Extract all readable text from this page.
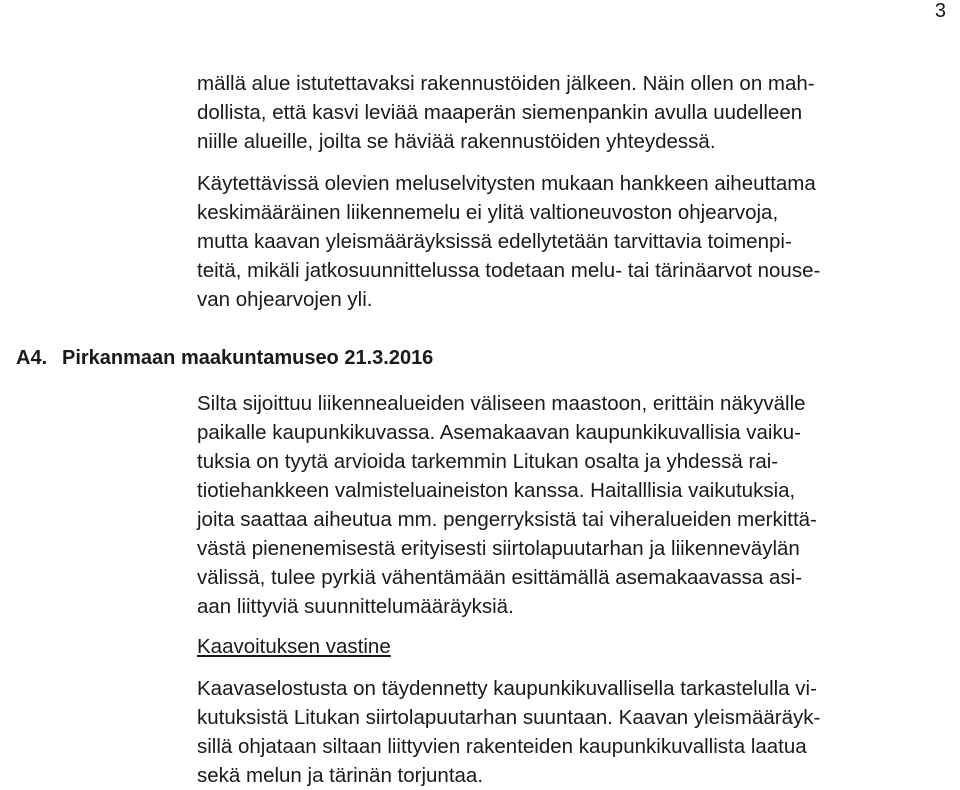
3

mällä alue istutettavaksi rakennustöiden jälkeen. Näin ollen on mah-
dollista, että kasvi leviää maaperän siemenpankin avulla uudelleen
niille alueille, joilta se häviää rakennustöiden yhteydessä.

Käytettävissä olevien meluselvitysten mukaan hankkeen aiheuttama
keskimääräinen liikennemelu ei ylitä valtioneuvoston ohjearvoja,
mutta kaavan yleismääräyksissä edellytetään tarvittavia toimenpi-
teitä, mikäli jatkosuunnittelussa todetaan melu- tai tärinäarvot nouse-
van ohjearvojen yli.

A4. Pirkanmaan maakuntamuseo 21.3.2016

Silta sijoittuu liikennealueiden väliseen maastoon, erittäin näkyvälle
paikalle kaupunkikuvassa. Asemakaavan kaupunkikuvallisia vaiku-
tuksia on tyytä arvioida tarkemmin Litukan osalta ja yhdessä rai-
tiotiehankkeen valmisteluaineiston kanssa. Haitalllisia vaikutuksia,
joita saattaa aiheutua mm. pengerryksistä tai viheralueiden merkittä-
västä pienenemisestä erityisesti siirtolapuutarhan ja liikenneväylän
välissä, tulee pyrkiä vähentämään esittämällä asemakaavassa asi-
aan liittyviä suunnittelumääräyksiä.

Kaavoituksen vastine

Kaavaselostusta on täydennetty kaupunkikuvallisella tarkastelulla vi-
kutuksistä Litukan siirtolapuutarhan suuntaan. Kaavan yleismääräyk-
sillä ohjataan siltaan liittyvien rakenteiden kaupunkikuvallista laatua
sekä melun ja tärinän torjuntaa.
